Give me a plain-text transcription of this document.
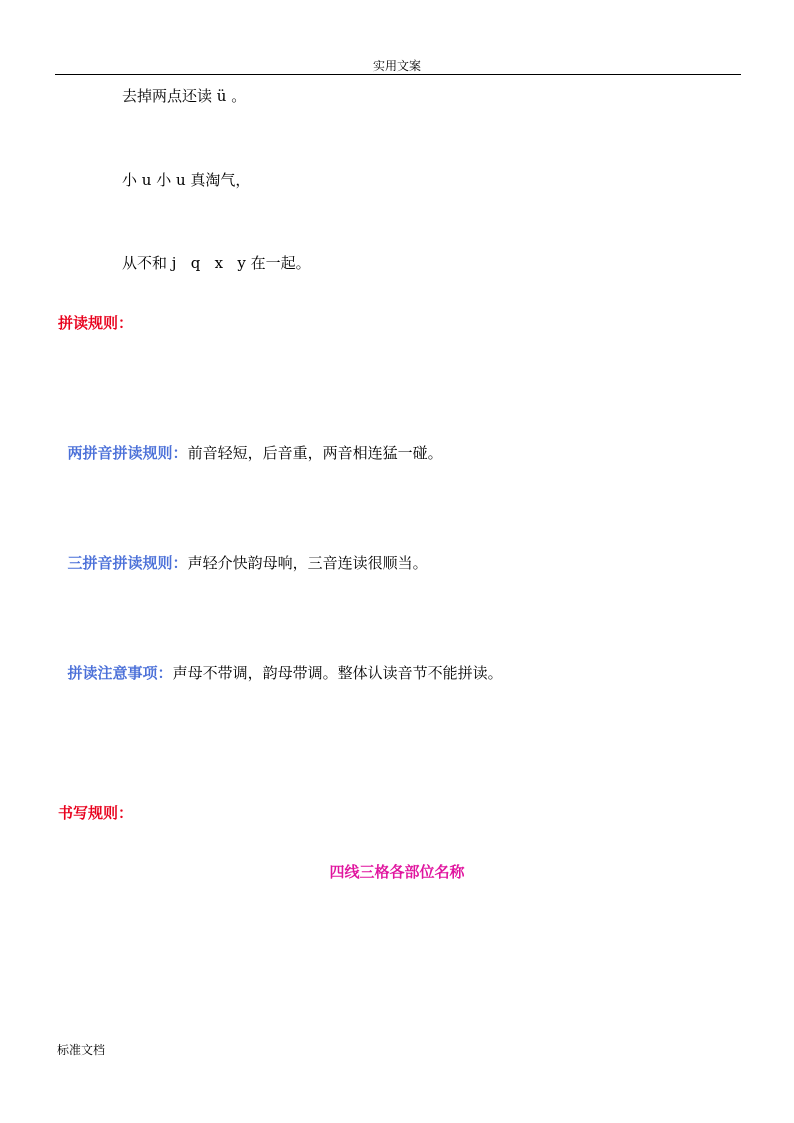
实用文案
去掉两点还读 ü 。
小 u 小 u 真淘气，
从不和 j   q   x   y 在一起。
拼读规则：

两拼音拼读规则：前音轻短，后音重，两音相连猛一碰。

三拼音拼读规则：声轻介快韵母响，三音连读很顺当。

拼读注意事项：声母不带调，韵母带调。整体认读音节不能拼读。

书写规则：
四线三格各部位名称
标准文档
